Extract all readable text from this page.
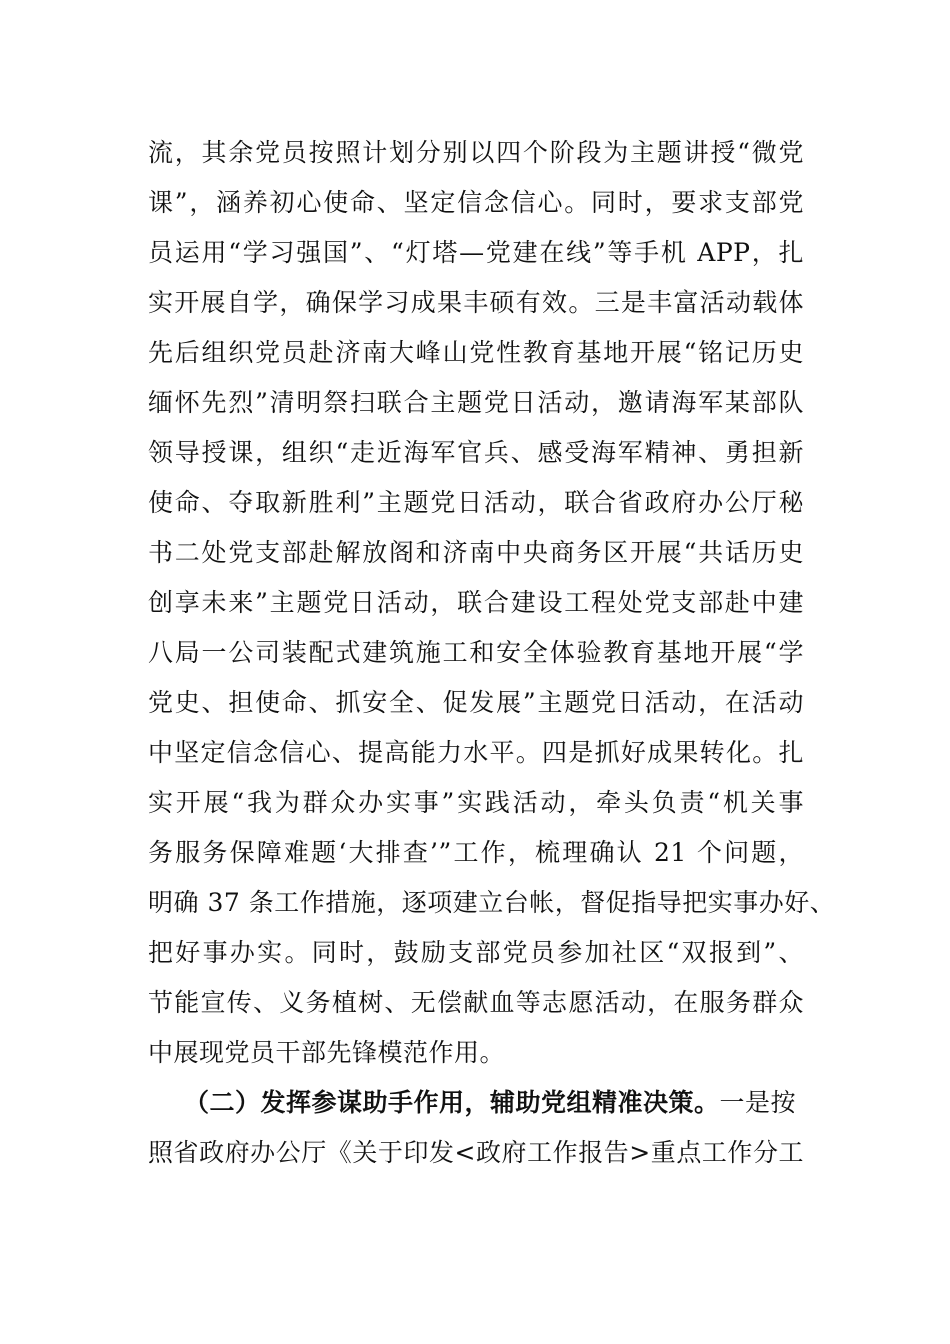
流，其余党员按照计划分别以四个阶段为主题讲授“微党
课”，涵养初心使命、坚定信念信心。同时，要求支部党
员运用“学习强国”、“灯塔—党建在线”等手机 APP，扎
实开展自学，确保学习成果丰硕有效。三是丰富活动载体
先后组织党员赴济南大峰山党性教育基地开展“铭记历史
缅怀先烈”清明祭扫联合主题党日活动，邀请海军某部队
领导授课，组织“走近海军官兵、感受海军精神、勇担新
使命、夺取新胜利”主题党日活动，联合省政府办公厅秘
书二处党支部赴解放阁和济南中央商务区开展“共话历史
创享未来”主题党日活动，联合建设工程处党支部赴中建
八局一公司装配式建筑施工和安全体验教育基地开展“学
党史、担使命、抓安全、促发展”主题党日活动，在活动
中坚定信念信心、提高能力水平。四是抓好成果转化。扎
实开展“我为群众办实事”实践活动，牵头负责“机关事
务服务保障难题‘大排查’”工作，梳理确认 21 个问题，
明确 37 条工作措施，逐项建立台帐，督促指导把实事办好、
把好事办实。同时，鼓励支部党员参加社区“双报到”、
节能宣传、义务植树、无偿献血等志愿活动，在服务群众
中展现党员干部先锋模范作用。
（二）发挥参谋助手作用，辅助党组精准决策。一是按
照省政府办公厅《关于印发<政府工作报告>重点工作分工
